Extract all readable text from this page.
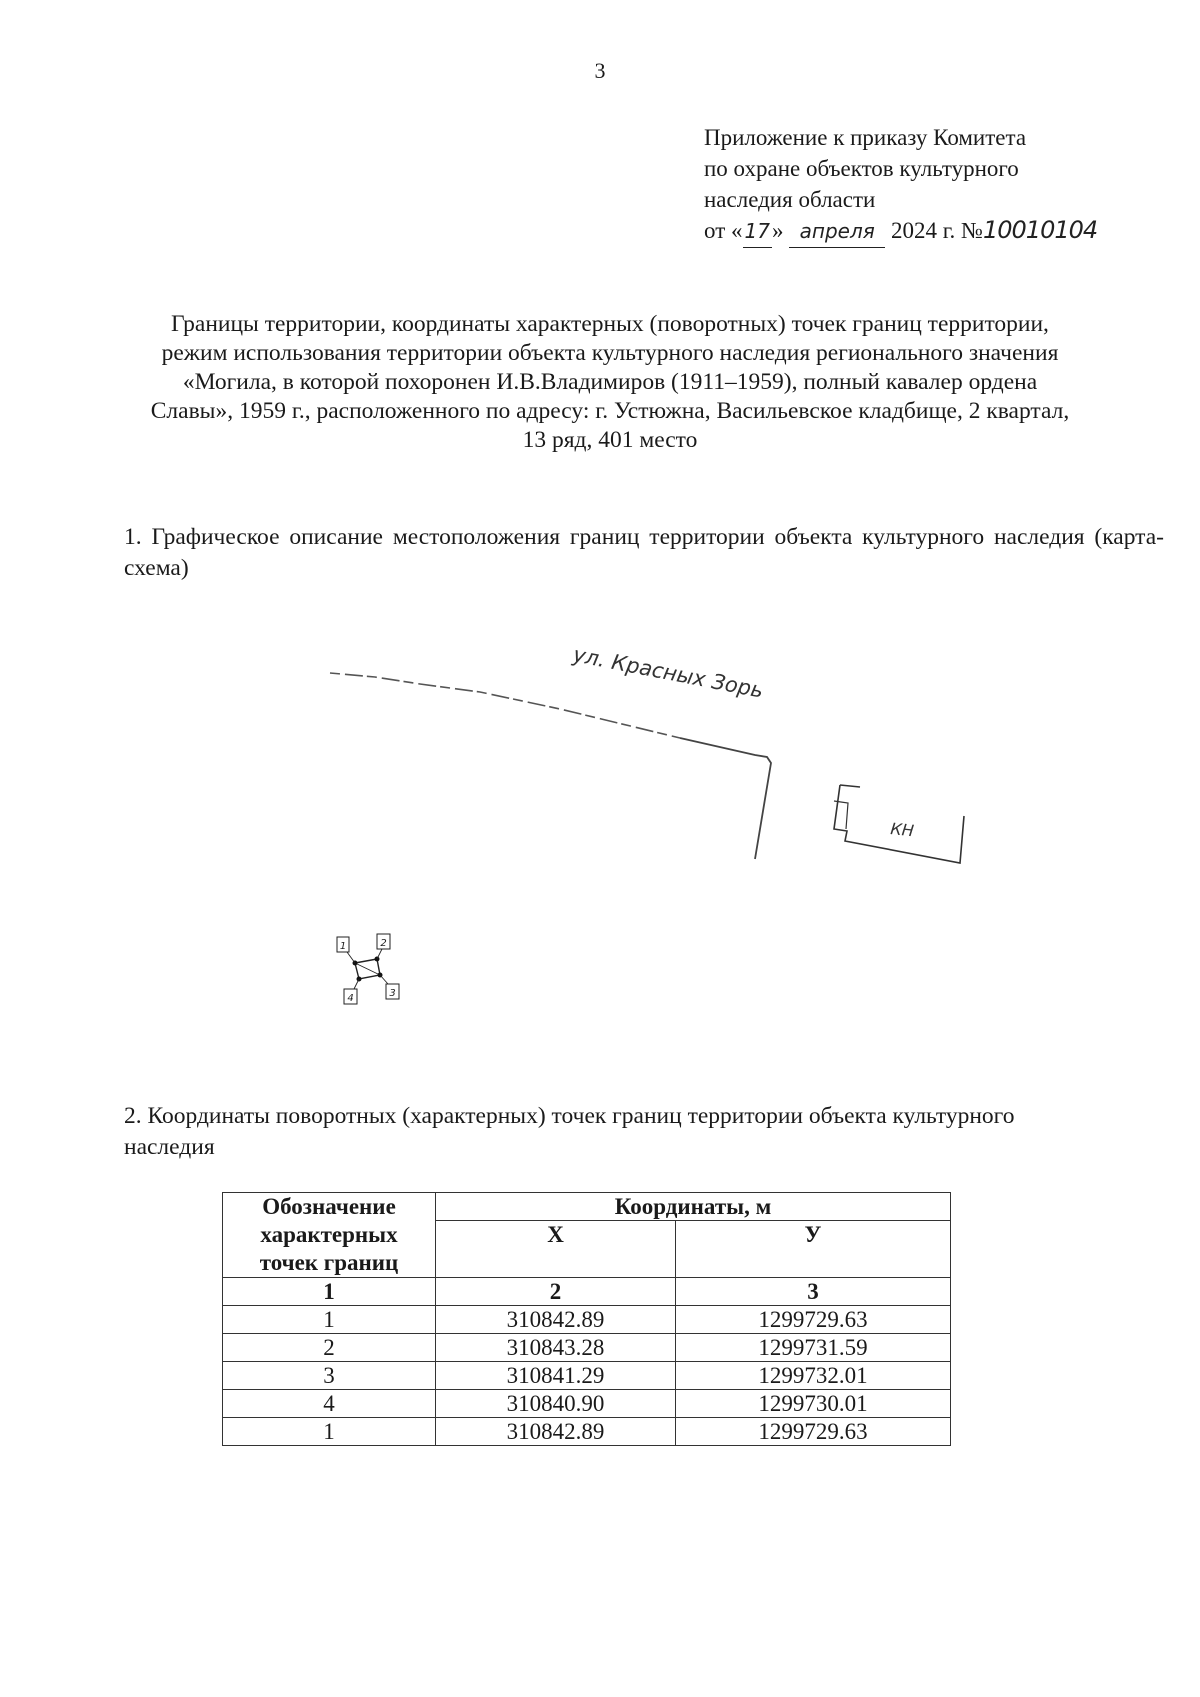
3
Приложение к приказу Комитета
по охране объектов культурного
наследия области
от « 17» апреля 2024 г. №10010104
Границы территории, координаты характерных (поворотных) точек границ территории, режим использования территории объекта культурного наследия регионального значения «Могила, в которой похоронен И.В.Владимиров (1911–1959), полный кавалер ордена Славы», 1959 г., расположенного по адресу: г. Устюжна, Васильевское кладбище, 2 квартал, 13 ряд, 401 место
1. Графическое описание местоположения границ территории объекта культурного наследия (карта-схема)
ул. Красных Зорь
КН
1	2
3
4
2. Координаты поворотных (характерных) точек границ территории объекта культурного наследия
Обозначение характерных точек границ	Координаты, м	
	Х	У
1	2	3
1	310842.89	1299729.63
2	310843.28	1299731.59
3	310841.29	1299732.01
4	310840.90	1299730.01
1	310842.89	1299729.63
